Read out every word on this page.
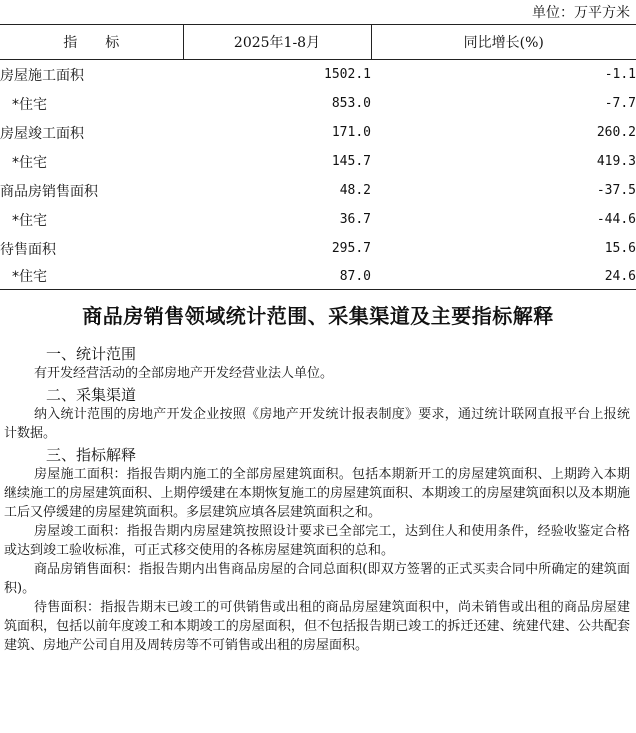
单位：万平方米
指　　标	2025年1-8月	同比增长(%)
房屋施工面积	1502.1	-1.1
*住宅	853.0	-7.7
房屋竣工面积	171.0	260.2
*住宅	145.7	419.3
商品房销售面积	48.2	-37.5
*住宅	36.7	-44.6
待售面积	295.7	15.6
*住宅	87.0	24.6
商品房销售领域统计范围、采集渠道及主要指标解释
一、统计范围

有开发经营活动的全部房地产开发经营业法人单位。

二、采集渠道

纳入统计范围的房地产开发企业按照《房地产开发统计报表制度》要求，通过统计联网直报平台上报统计数据。

三、指标解释

房屋施工面积：指报告期内施工的全部房屋建筑面积。包括本期新开工的房屋建筑面积、上期跨入本期继续施工的房屋建筑面积、上期停缓建在本期恢复施工的房屋建筑面积、本期竣工的房屋建筑面积以及本期施工后又停缓建的房屋建筑面积。多层建筑应填各层建筑面积之和。

房屋竣工面积：指报告期内房屋建筑按照设计要求已全部完工，达到住人和使用条件，经验收鉴定合格或达到竣工验收标准，可正式移交使用的各栋房屋建筑面积的总和。

商品房销售面积：指报告期内出售商品房屋的合同总面积(即双方签署的正式买卖合同中所确定的建筑面积)。

待售面积：指报告期末已竣工的可供销售或出租的商品房屋建筑面积中，尚未销售或出租的商品房屋建筑面积，包括以前年度竣工和本期竣工的房屋面积，但不包括报告期已竣工的拆迁还建、统建代建、公共配套建筑、房地产公司自用及周转房等不可销售或出租的房屋面积。
